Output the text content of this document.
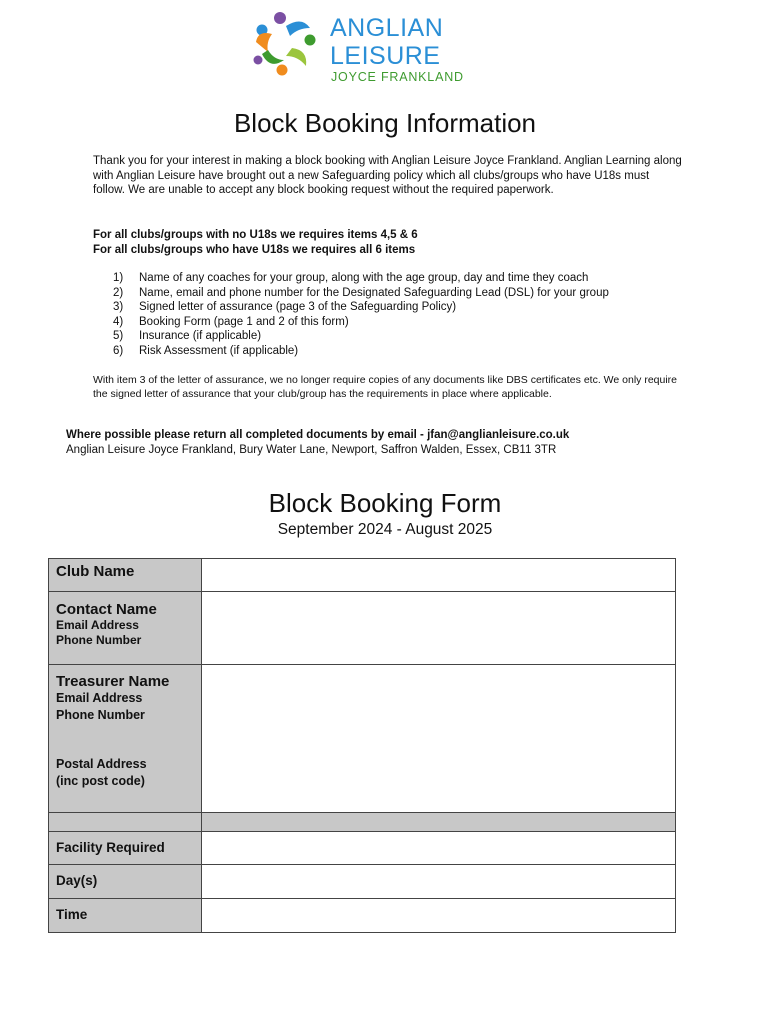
ANGLIAN
LEISURE
JOYCE FRANKLAND
Block Booking Information
Thank you for your interest in making a block booking with Anglian Leisure Joyce Frankland. Anglian Learning along with Anglian Leisure have brought out a new Safeguarding policy which all clubs/groups who have U18s must follow. We are unable to accept any block booking request without the required paperwork.
For all clubs/groups with no U18s we requires items 4,5 & 6
For all clubs/groups who have U18s we requires all 6 items
1) Name of any coaches for your group, along with the age group, day and time they coach
2) Name, email and phone number for the Designated Safeguarding Lead (DSL) for your group
3) Signed letter of assurance (page 3 of the Safeguarding Policy)
4) Booking Form (page 1 and 2 of this form)
5) Insurance (if applicable)
6) Risk Assessment (if applicable)
With item 3 of the letter of assurance, we no longer require copies of any documents like DBS certificates etc. We only require the signed letter of assurance that your club/group has the requirements in place where applicable.
Where possible please return all completed documents by email - jfan@anglianleisure.co.uk
Anglian Leisure Joyce Frankland, Bury Water Lane, Newport, Saffron Walden, Essex, CB11 3TR
Block Booking Form
September 2024 - August 2025
Club Name	

Contact Name
Email Address
Phone Number	

Treasurer Name
Email Address
Phone Number
Postal Address
(inc post code)	

Facility Required	

Day(s)	

Time	
